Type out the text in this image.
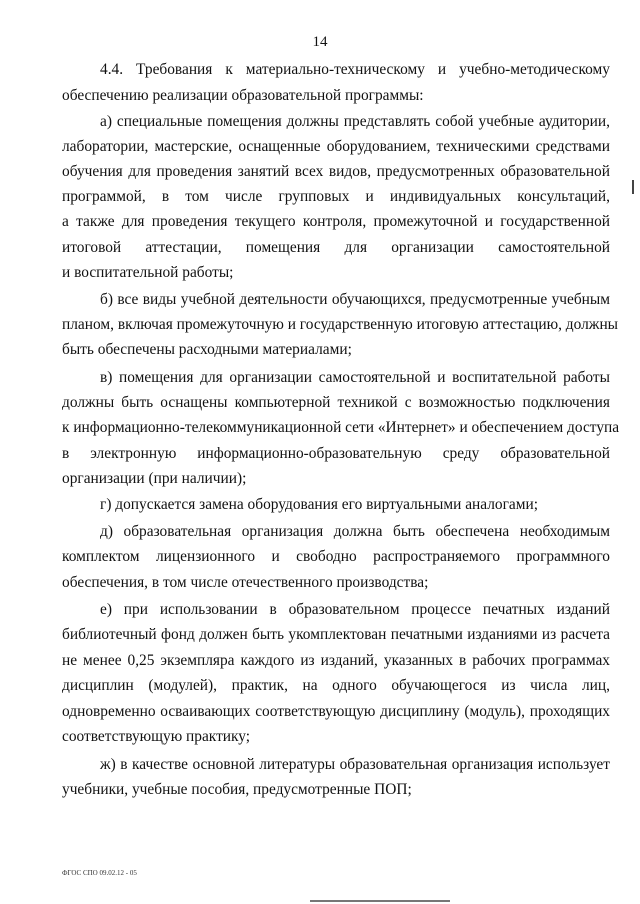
14
4.4. Требования к материально-техническому и учебно-методическому
обеспечению реализации образовательной программы:
а) специальные помещения должны представлять собой учебные аудитории,
лаборатории, мастерские, оснащенные оборудованием, техническими средствами
обучения для проведения занятий всех видов, предусмотренных образовательной
программой, в том числе групповых и индивидуальных консультаций,
а также для проведения текущего контроля, промежуточной и государственной
итоговой аттестации, помещения для организации самостоятельной
и воспитательной работы;
б) все виды учебной деятельности обучающихся, предусмотренные учебным
планом, включая промежуточную и государственную итоговую аттестацию, должны
быть обеспечены расходными материалами;
в) помещения для организации самостоятельной и воспитательной работы
должны быть оснащены компьютерной техникой с возможностью подключения
к информационно-телекоммуникационной сети «Интернет» и обеспечением доступа
в электронную информационно-образовательную среду образовательной
организации (при наличии);
г) допускается замена оборудования его виртуальными аналогами;
д) образовательная организация должна быть обеспечена необходимым
комплектом лицензионного и свободно распространяемого программного
обеспечения, в том числе отечественного производства;
е) при использовании в образовательном процессе печатных изданий
библиотечный фонд должен быть укомплектован печатными изданиями из расчета
не менее 0,25 экземпляра каждого из изданий, указанных в рабочих программах
дисциплин (модулей), практик, на одного обучающегося из числа лиц,
одновременно осваивающих соответствующую дисциплину (модуль), проходящих
соответствующую практику;
ж) в качестве основной литературы образовательная организация использует
учебники, учебные пособия, предусмотренные ПОП;
ФГОС СПО 09.02.12 - 05
